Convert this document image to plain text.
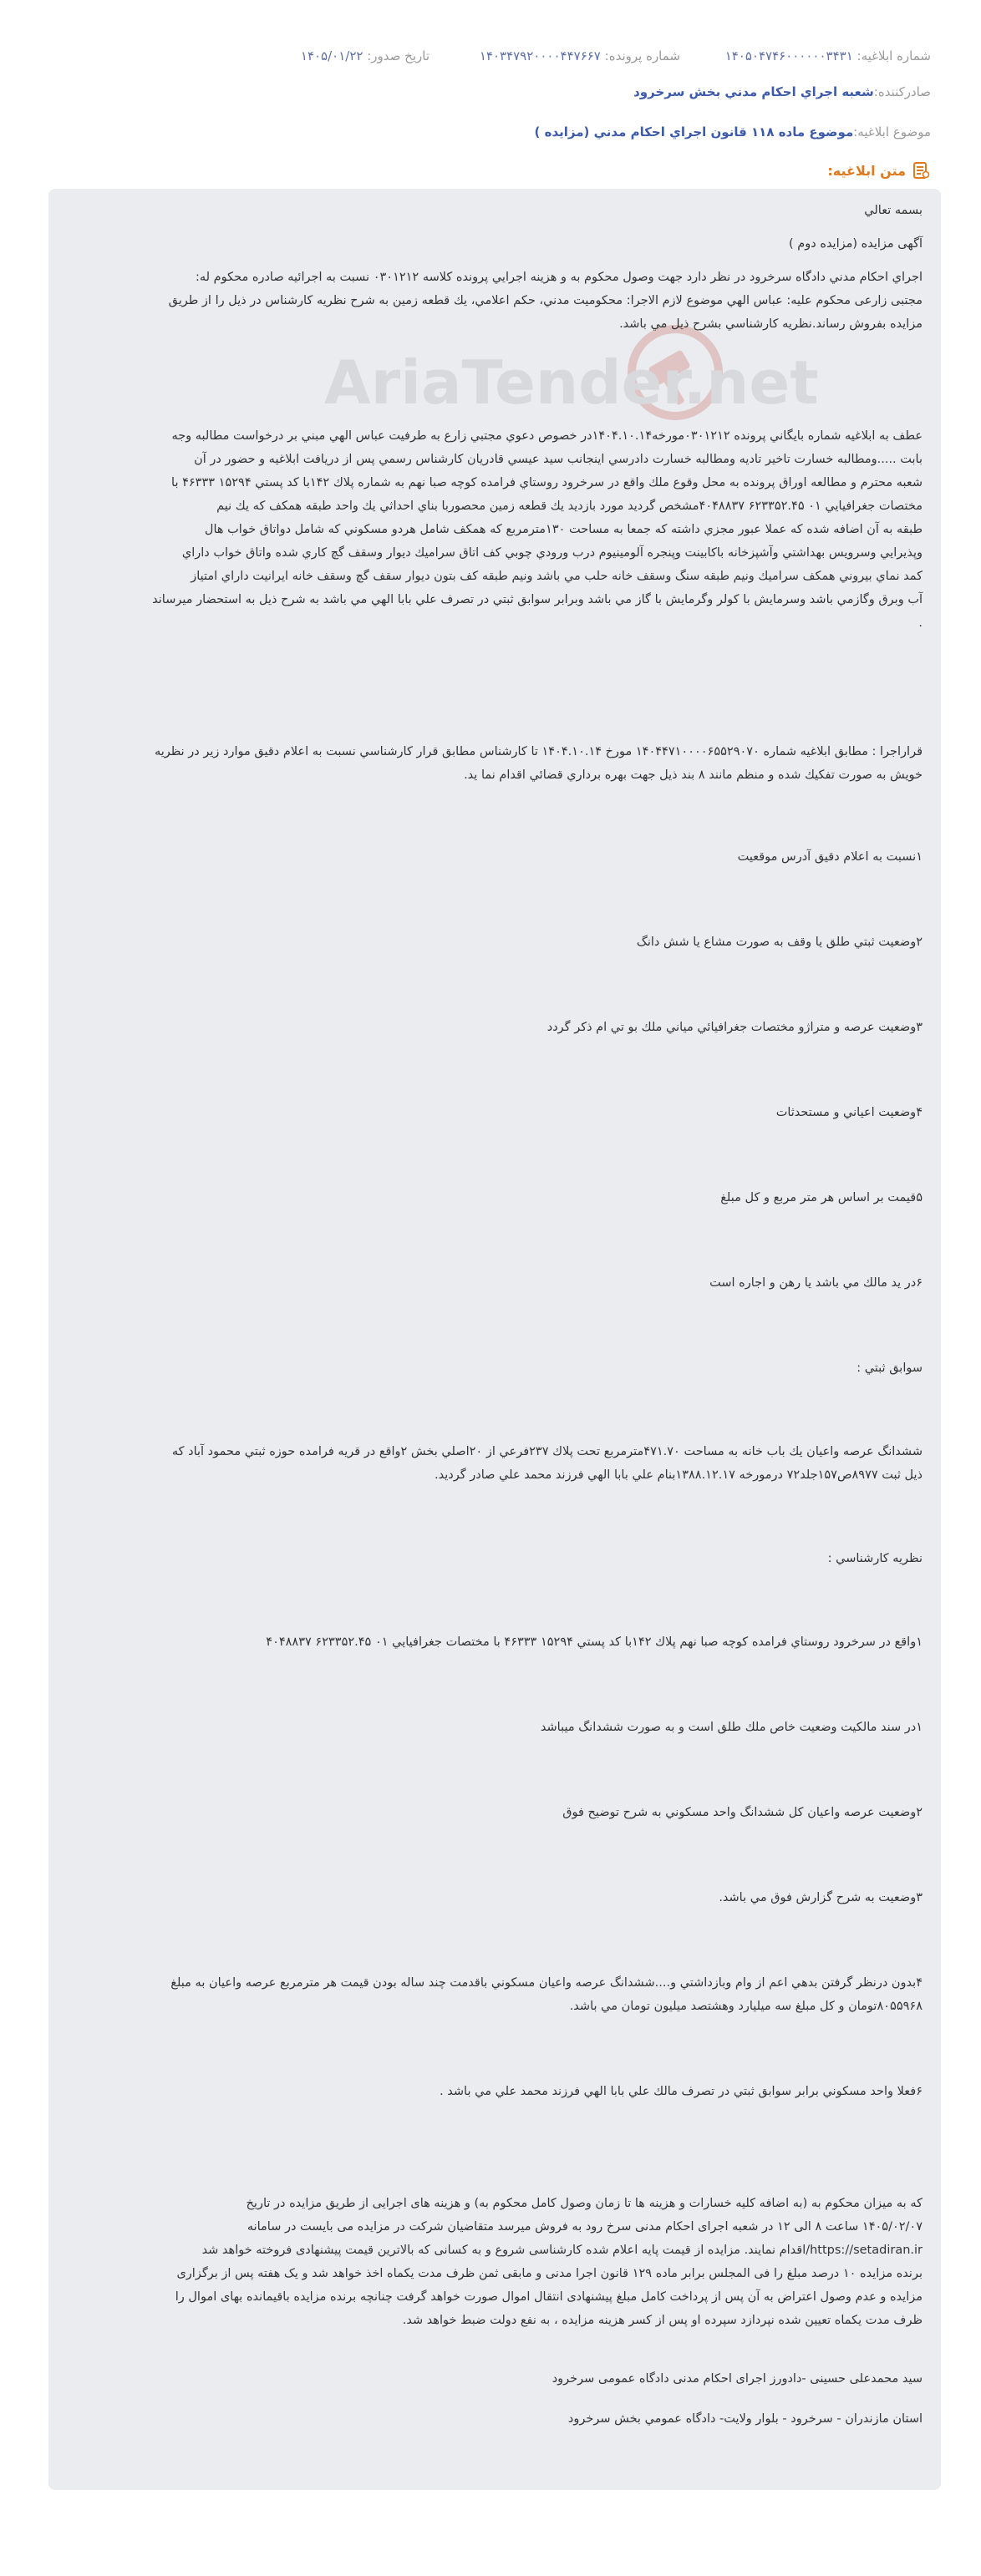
شماره ابلاغیه: ۱۴۰۵۰۴۷۴۶۰۰۰۰۰۰۳۴۳۱
شماره پرونده: ۱۴۰۳۴۷۹۲۰۰۰۰۴۴۷۶۶۷
تاریخ صدور: ۱۴۰۵/۰۱/۲۲
صادرکننده:
شعبه اجراي احكام مدني بخش سرخرود
موضوع ابلاغیه:
موضوع ماده ۱۱۸ قانون اجراي احكام مدني (مزايده )
متن ابلاغیه:
AriaTender.net

بسمه تعالي

آگهی مزایده (مزایده دوم )

اجراي احكام مدني دادگاه سرخرود در نظر دارد جهت وصول محكوم به و هزينه اجرايي پرونده كلاسه ۰۳۰۱۲۱۲ نسبت به اجرائيه صادره محكوم له:

مجتبی زارعی محكوم عليه: عباس الهي موضوع لازم الاجرا: محکوميت مدني، حكم اعلامي، يك قطعه زمين به شرح نظريه كارشناس در ذيل را از طريق

مزايده بفروش رساند.نظريه كارشناسي بشرح ذيل مي باشد.

عطف به ابلاغيه شماره بايگاني پرونده ۰۳۰۱۲۱۲مورخه۱۴۰۴.۱۰.۱۴در خصوص دعوي مجتبي زارع به طرفيت عباس الهي مبني بر درخواست مطالبه وجه

بابت .....ومطالبه خسارت تاخير تاديه ومطالبه خسارت دادرسي اينجانب سيد عيسي قادريان كارشناس رسمي پس از دريافت ابلاغيه و حضور در آن

شعبه محترم و مطالعه اوراق پرونده به محل وقوع ملك واقع در سرخرود روستاي فرامده كوچه صبا نهم به شماره پلاك ۱۴۲با كد پستي ۱۵۲۹۴ ۴۶۳۳۳ با

مختصات جغرافيايي ۰۱ ۶۲۳۳۵۲.۴۵ ۴۰۴۸۸۳۷مشخص گرديد مورد بازديد يك قطعه زمين محصوربا بناي احداثي يك واحد طبقه همكف كه يك نيم

طبقه به آن اضافه شده كه عملا عبور مجزي داشته كه جمعا به مساحت ۱۳۰مترمربع كه همكف شامل هردو مسكوني كه شامل دواتاق خواب هال

وپذيرايي وسرويس بهداشتي وآشپزخانه باكابينت وپنجره آلومينيوم درب ورودي چوبي كف اتاق سراميك ديوار وسقف گچ كاري شده واتاق خواب داراي

كمد نماي بيروني همكف سراميك ونيم طبقه سنگ وسقف خانه حلب مي باشد ونيم طبقه كف بتون ديوار سقف گچ وسقف خانه ايرانيت داراي امتياز

آب وبرق وگازمي باشد وسرمايش با كولر وگرمايش با گاز مي باشد وبرابر سوابق ثبتي در تصرف علي بابا الهي مي باشد به شرح ذيل به استحضار ميرساند

.

قراراجرا : مطابق ابلاغيه شماره ۱۴۰۴۴۷۱۰۰۰۰۶۵۵۲۹۰۷۰ مورخ ۱۴۰۴.۱۰.۱۴ تا كارشناس مطابق قرار كارشناسي نسبت به اعلام دقيق موارد زير در نظريه

خويش به صورت تفكيك شده و منظم مانند ۸ بند ذيل جهت بهره برداري قضائي اقدام نما يد.

۱نسبت به اعلام دقيق آدرس موقعيت

۲وضعيت ثبتي طلق يا وقف به صورت مشاع يا شش دانگ

۳وضعيت عرصه و متراژو مختصات جغرافيائي مياني ملك بو تي ام ذكر گردد

۴وضعيت اعياني و مستحدثات

۵قيمت بر اساس هر متر مربع و كل مبلغ

۶در يد مالك مي باشد يا رهن و اجاره است

سوابق ثبتي :

ششدانگ عرصه واعيان يك باب خانه به مساحت ۴۷۱.۷۰مترمربع تحت پلاك ۲۳۷فرعي از ۲۰اصلي بخش ۲واقع در قريه فرامده حوزه ثبتي محمود آباد كه

ذيل ثبت ۸۹۷۷ص۱۵۷جلد۷۲ درمورخه ۱۳۸۸.۱۲.۱۷بنام علي بابا الهي فرزند محمد علي صادر گرديد.

نظريه كارشناسي :

۱واقع در سرخرود روستاي فرامده كوچه صبا نهم پلاك ۱۴۲با كد پستي ۱۵۲۹۴ ۴۶۳۳۳ با مختصات جغرافيايي ۰۱ ۶۲۳۳۵۲.۴۵ ۴۰۴۸۸۳۷

۱در سند مالكيت وضعيت خاص ملك طلق است و به صورت ششدانگ ميباشد

۲وضعيت عرصه واعيان كل ششدانگ واحد مسكوني به شرح توضيح فوق

۳وضعيت به شرح گزارش فوق مي باشد.

۴بدون درنظر گرفتن بدهي اعم از وام وبازداشتي و....ششدانگ عرصه واعيان مسكوني باقدمت چند ساله بودن قيمت هر مترمربع عرصه واعيان به مبلغ

۸۰۵۵۹۶۸تومان و كل مبلغ سه ميليارد وهشتصد ميليون تومان مي باشد.

۶فعلا واحد مسكوني برابر سوابق ثبتي در تصرف مالك علي بابا الهي فرزند محمد علي مي باشد .

که به میزان محکوم به (به اضافه کلیه خسارات و هزینه ها تا زمان وصول کامل محکوم به) و هزینه های اجرایی از طریق مزایده در تاریخ

۱۴۰۵/۰۲/۰۷ ساعت ۸ الی ۱۲ در شعبه اجرای احکام مدنی سرخ رود به فروش میرسد متقاضیان شرکت در مزایده می بایست در سامانه

https://setadiran.ir/اقدام نمایند. مزایده از قیمت پایه اعلام شده کارشناسی شروع و به کسانی که بالاترین قیمت پیشنهادی فروخته خواهد شد

برنده مزایده ۱۰ درصد مبلغ را فی المجلس برابر ماده ۱۲۹ قانون اجرا مدنی و مابقی ثمن ظرف مدت یکماه اخذ خواهد شد و یک هفته پس از برگزاری

مزایده و عدم وصول اعتراض به آن پس از پرداخت کامل مبلغ پیشنهادی انتقال اموال صورت خواهد گرفت چنانچه برنده مزایده باقیمانده بهای اموال را

ظرف مدت یکماه تعیین شده نپردازد سپرده او پس از کسر هزینه مزایده ، به نفع دولت ضبط خواهد شد.

سید محمدعلی حسینی -دادورز اجرای احکام مدنی دادگاه عمومی سرخرود

استان مازندران - سرخرود - بلوار ولايت- دادگاه عمومي بخش سرخرود
